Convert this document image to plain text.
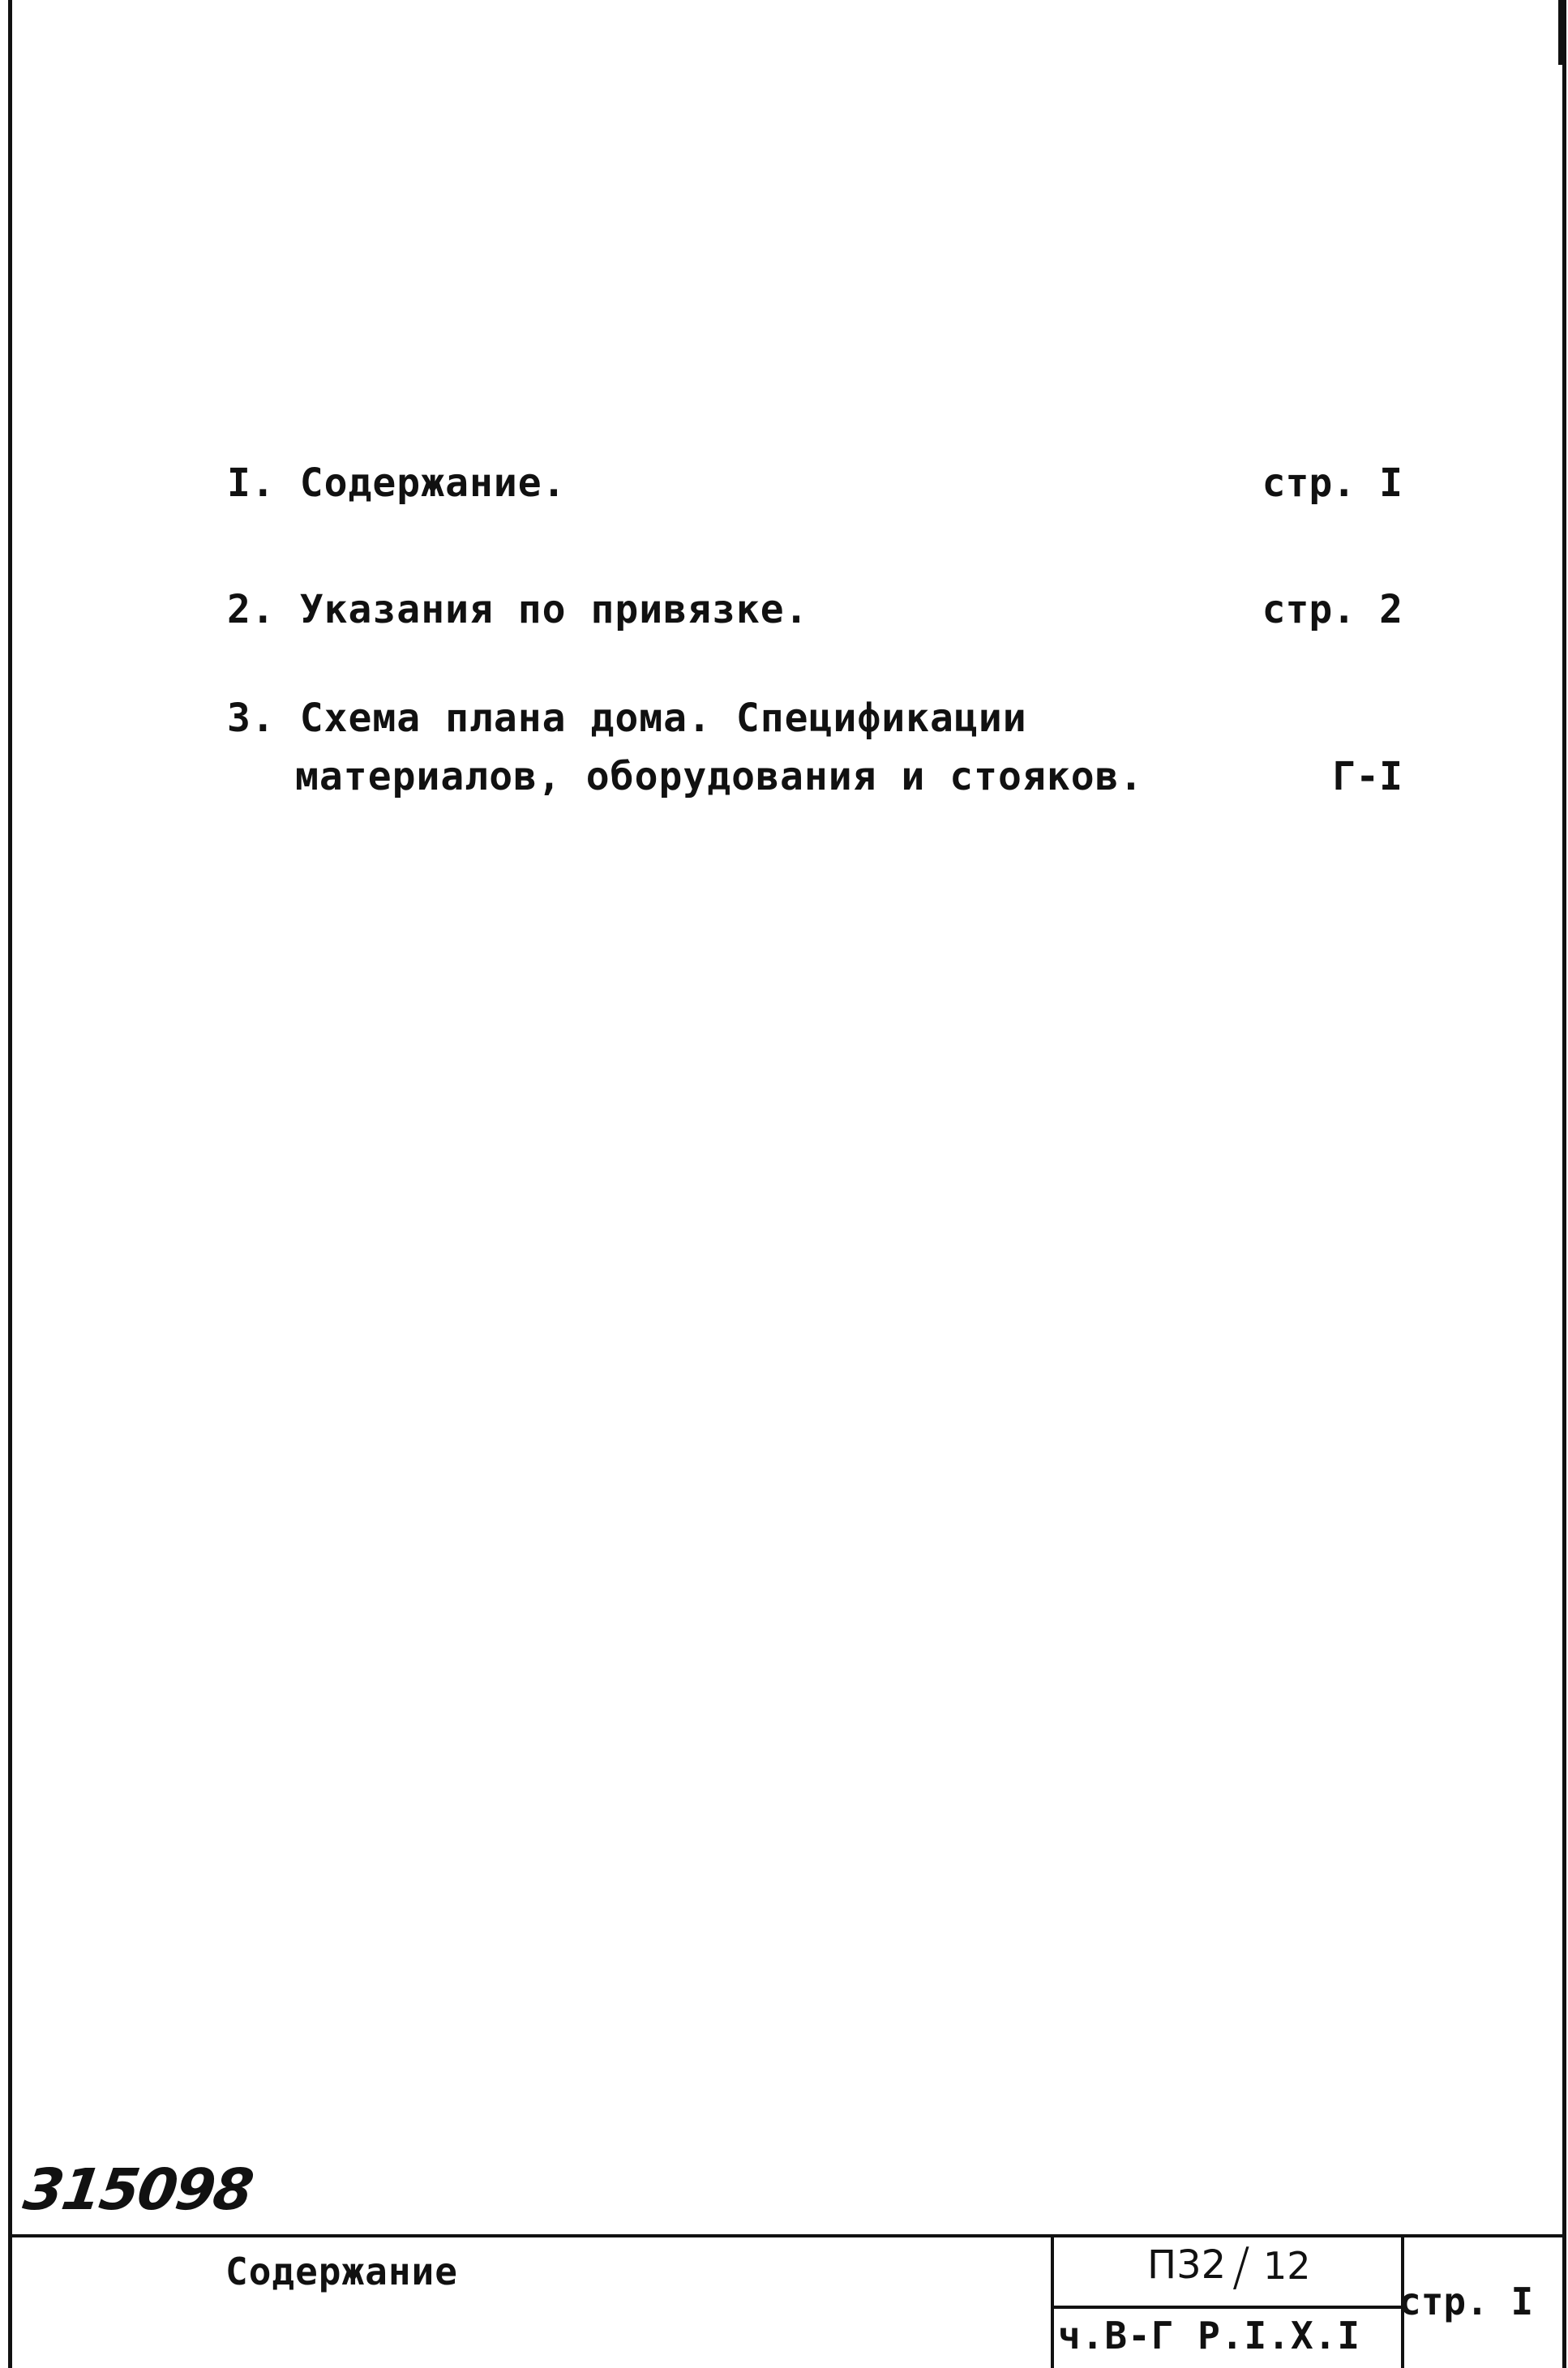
I. Содержание.	стр. I
2. Указания по привязке.	стр. 2
3. Схема плана дома. Спецификации
материалов, оборудования и стояков.	Г-I
315098
Содержание	П32 / 12
ч.В-Г Р.I.Х.I
стр. I
